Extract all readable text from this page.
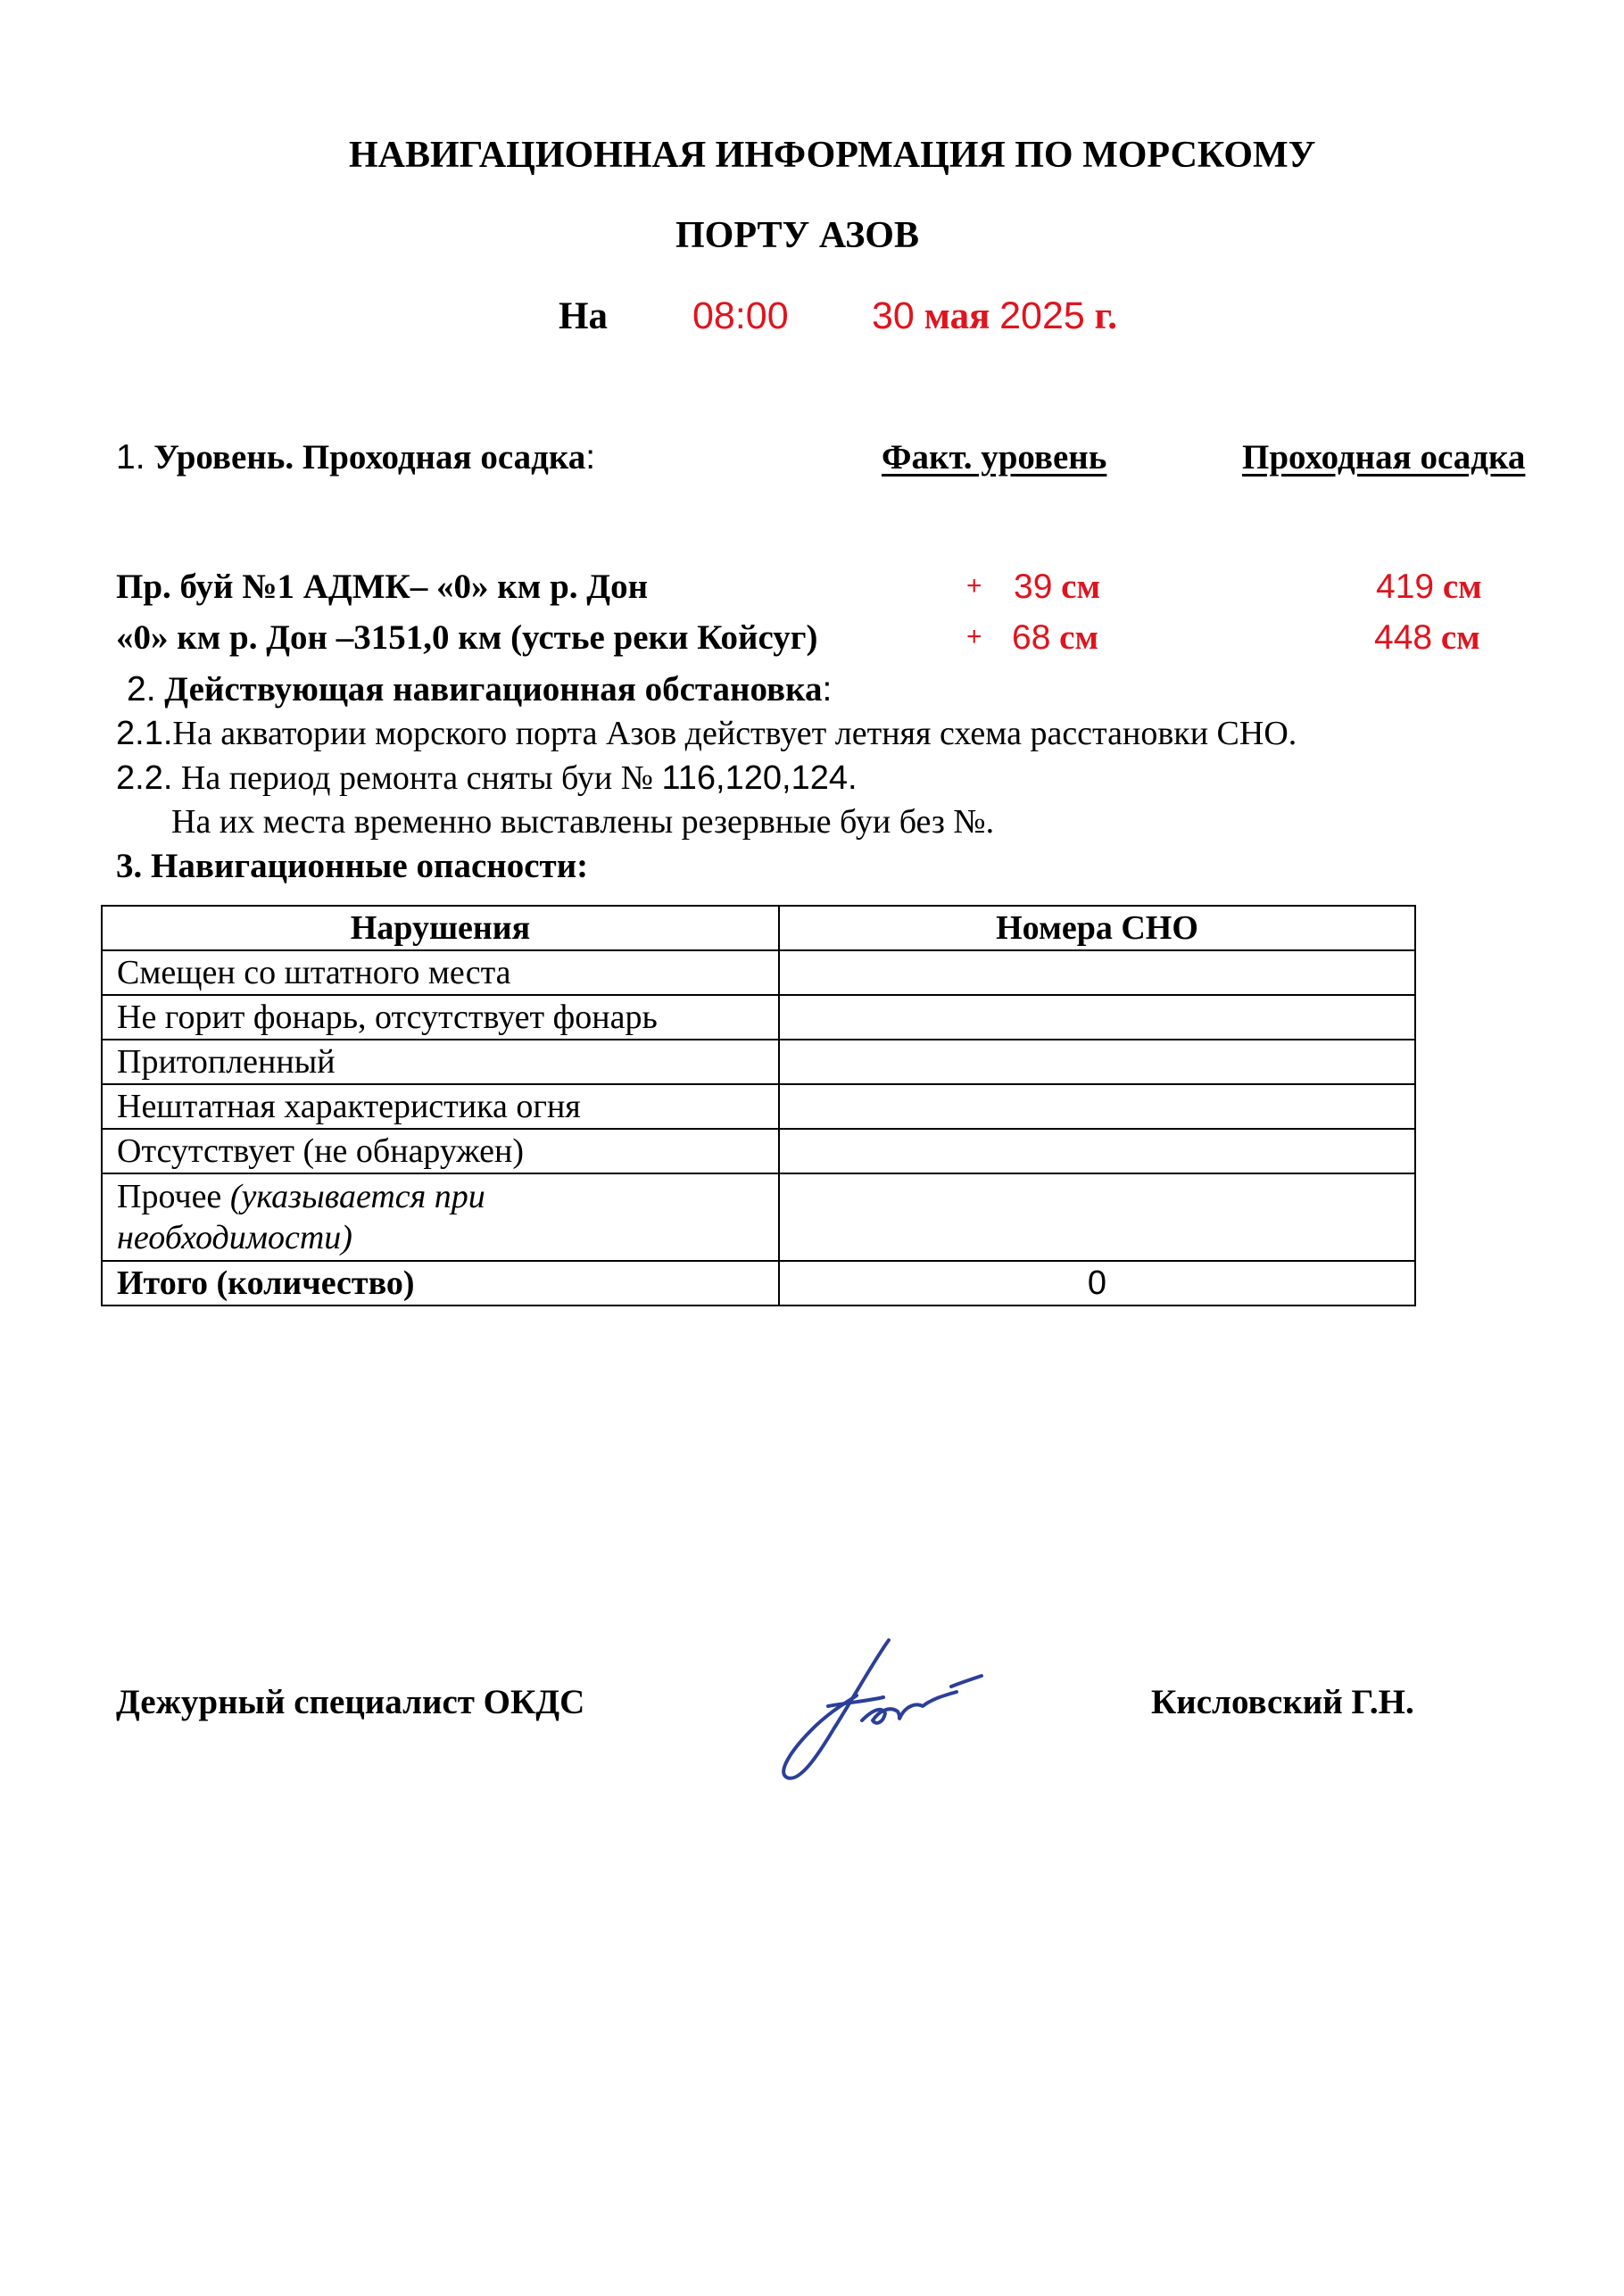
НАВИГАЦИОННАЯ ИНФОРМАЦИЯ ПО МОРСКОМУ
ПОРТУ АЗОВ
На 08:00 30 мая 2025 г.
1. Уровень. Проходная осадка:	Факт. уровень	Проходная осадка
Пр. буй №1 АДМК– «0» км р. Дон	+ 39 см	419 см
«0» км р. Дон –3151,0 км (устье реки Койсуг)	+ 68 см	448 см
2. Действующая навигационная обстановка:
2.1.На акватории морского порта Азов действует летняя схема расстановки СНО.
2.2. На период ремонта сняты буи № 116,120,124.
На их места временно выставлены резервные буи без №.
3. Навигационные опасности:
Нарушения	Номера СНО
Смещен со штатного места	
Не горит фонарь, отсутствует фонарь	
Притопленный	
Нештатная характеристика огня	
Отсутствует (не обнаружен)	
Прочее (указывается при
необходимости)	
Итого (количество)	0
Дежурный специалист ОКДС	Кисловский Г.Н.
